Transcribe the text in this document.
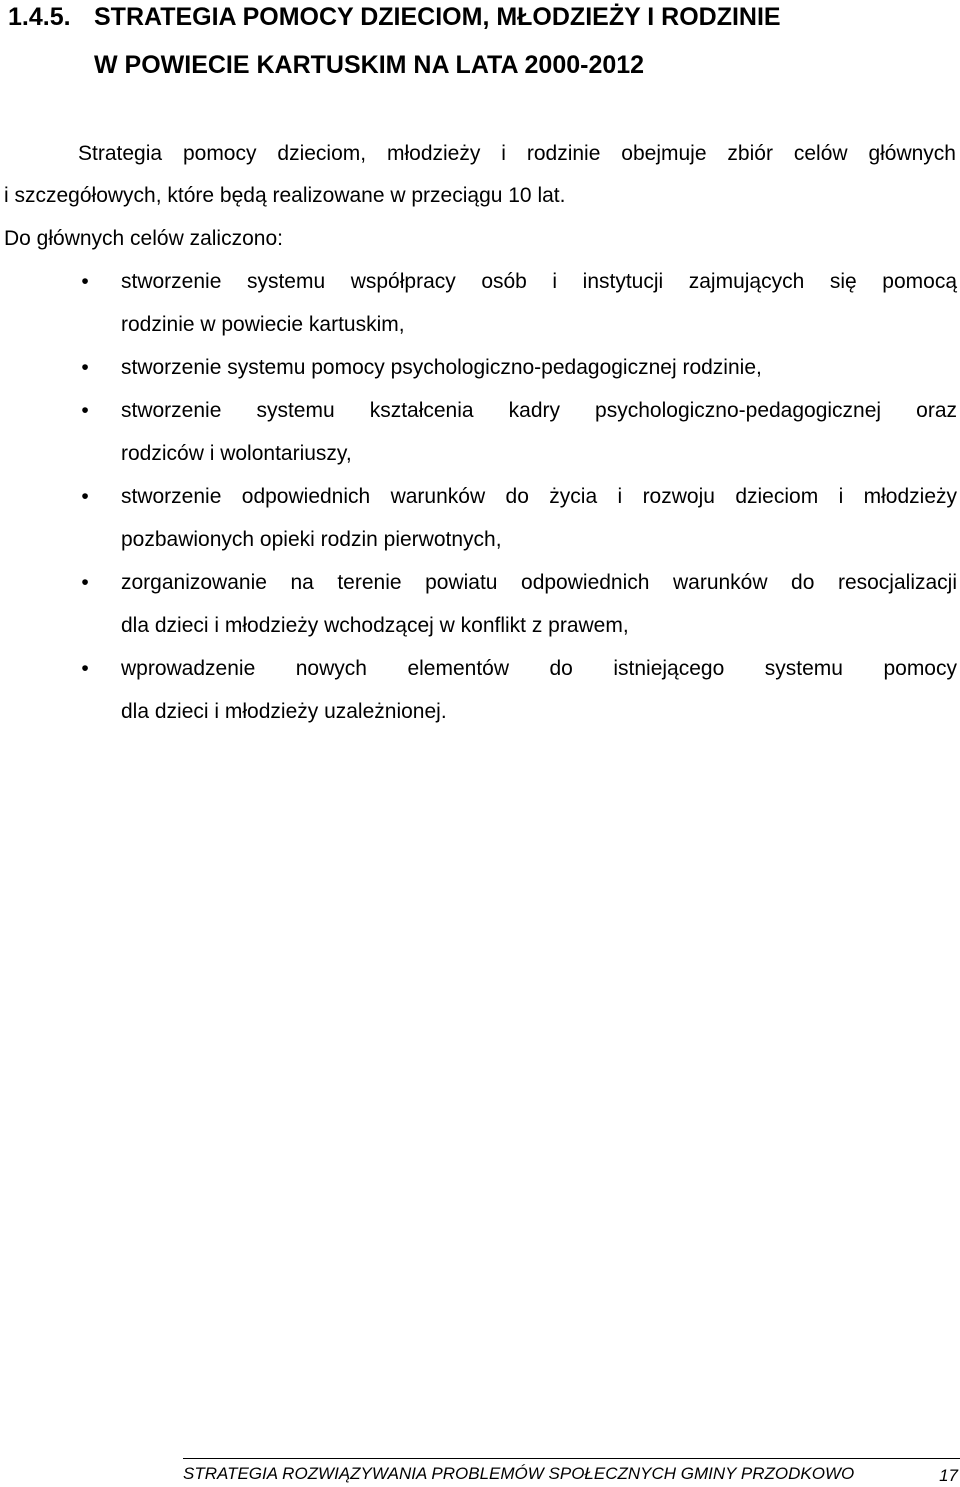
1.4.5. STRATEGIA POMOCY DZIECIOM, MŁODZIEŻY I RODZINIE
W POWIECIE KARTUSKIM NA LATA 2000-2012
Strategia pomocy dzieciom, młodzieży i rodzinie obejmuje zbiór celów głównych
i szczegółowych, które będą realizowane w przeciągu 10 lat.
Do głównych celów zaliczono:
• stworzenie systemu współpracy osób i instytucji zajmujących się pomocą
rodzinie w powiecie kartuskim,
• stworzenie systemu pomocy psychologiczno-pedagogicznej rodzinie,
• stworzenie systemu kształcenia kadry psychologiczno-pedagogicznej oraz
rodziców i wolontariuszy,
• stworzenie odpowiednich warunków do życia i rozwoju dzieciom i młodzieży
pozbawionych opieki rodzin pierwotnych,
• zorganizowanie na terenie powiatu odpowiednich warunków do resocjalizacji
dla dzieci i młodzieży wchodzącej w konflikt z prawem,
• wprowadzenie nowych elementów do istniejącego systemu pomocy
dla dzieci i młodzieży uzależnionej.
STRATEGIA ROZWIĄZYWANIA PROBLEMÓW SPOŁECZNYCH GMINY PRZODKOWO	17
